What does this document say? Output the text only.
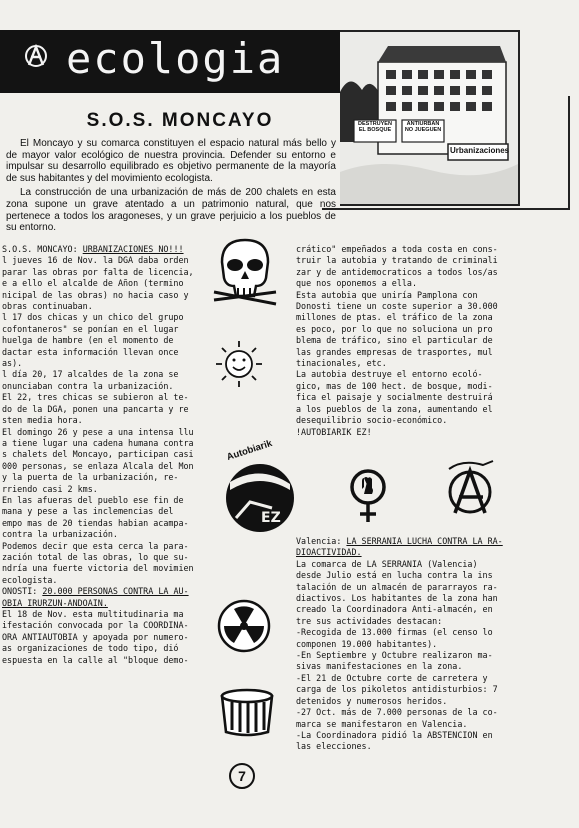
ecologia
DESTRUYEN EL BOSQUE
ANTIURBAN NO JUEGUEN
Urbanizaciones
S.O.S. MONCAYO

El Moncayo y su comarca constituyen el espacio natural más bello y de mayor valor ecológico de nuestra provincia. Defender su entorno e impulsar su desarrollo equilibrado es objetivo permanente de la mayoría de sus habitantes y del movimiento ecologista.

La construcción de una urbanización de más de 200 chalets en esta zona supone un grave atentado a un patrimonio natural, que nos pertenece a todos los aragoneses, y un grave perjuicio a los pueblos de su entorno.

S.O.S. MONCAYO: URBANIZACIONES NO!!!
l jueves 16 de Nov. la DGA daba orden
parar las obras por falta de licencia,
e a ello el alcalde de Añon (termino
nicipal de las obras) no hacia caso y
obras continuaban.
l 17 dos chicas y un chico del grupo
cofontaneros" se ponían en el lugar
huelga de hambre (en el momento de
dactar esta información llevan once
as).
l día 20, 17 alcaldes de la zona se
onunciaban contra la urbanización.
El 22, tres chicas se subieron al te-
do de la DGA, ponen una pancarta y re
sten media hora.
El domingo 26 y pese a una intensa llu
a tiene lugar una cadena humana contra
s chalets del Moncayo, participan casi
000 personas, se enlaza Alcala del Mon
y la puerta de la urbanización, re-
rriendo casi 2 kms.
En las afueras del pueblo ese fin de
mana y pese a las inclemencias del
empo mas de 20 tiendas habian acampa-
contra la urbanización.
Podemos decir que esta cerca la para-
zación total de las obras, lo que su-
ndría una fuerte victoria del movimien
ecologista.
ONOSTI: 20.000 PERSONAS CONTRA LA AU-
OBIA IRURZUN-ANDOAIN.
El 18 de Nov. esta multitudinaria ma
ifestación convocada por la COORDINA-
ORA ANTIAUTOBIA y apoyada por numero-
as organizaciones de todo tipo, dió
espuesta en la calle al "bloque demo-
crático" empeñados a toda costa en cons-
truir la autobia y tratando de criminali
zar y de antidemocraticos a todos los/as
que nos oponemos a ella.
Esta autobia que uniría Pamplona con
Donosti tiene un coste superior a 30.000
millones de ptas. el tráfico de la zona
es poco, por lo que no soluciona un pro
blema de tráfico, sino el particular de
las grandes empresas de trasportes, mul
tinacionales, etc.
La autobia destruye el entorno ecoló-
gico, mas de 100 hect. de bosque, modi-
fica el paisaje y socialmente destruirá
a los pueblos de la zona, aumentando el
desequilibrio socio-económico.
!AUTOBIARIK EZ!
Valencia: LA SERRANIA LUCHA CONTRA LA RA-
DIOACTIVIDAD.
La comarca de LA SERRANIA (Valencia)
desde Julio está en lucha contra la ins
talación de un almacén de pararrayos ra-
diactivos. Los habitantes de la zona han
creado la Coordinadora Anti-almacén, en
tre sus actividades destacan:
-Recogida de 13.000 firmas (el censo lo
componen 19.000 habitantes).
-En Septiembre y Octubre realizaron ma-
sivas manifestaciones en la zona.
-El 21 de Octubre corte de carretera y
carga de los pikoletos antidisturbios: 7
detenidos y numerosos heridos.
-27 Oct. más de 7.000 personas de la co-
marca se manifestaron en Valencia.
-La Coordinadora pidió la ABSTENCION en
las elecciones.
Autobiarik
EZ
7
